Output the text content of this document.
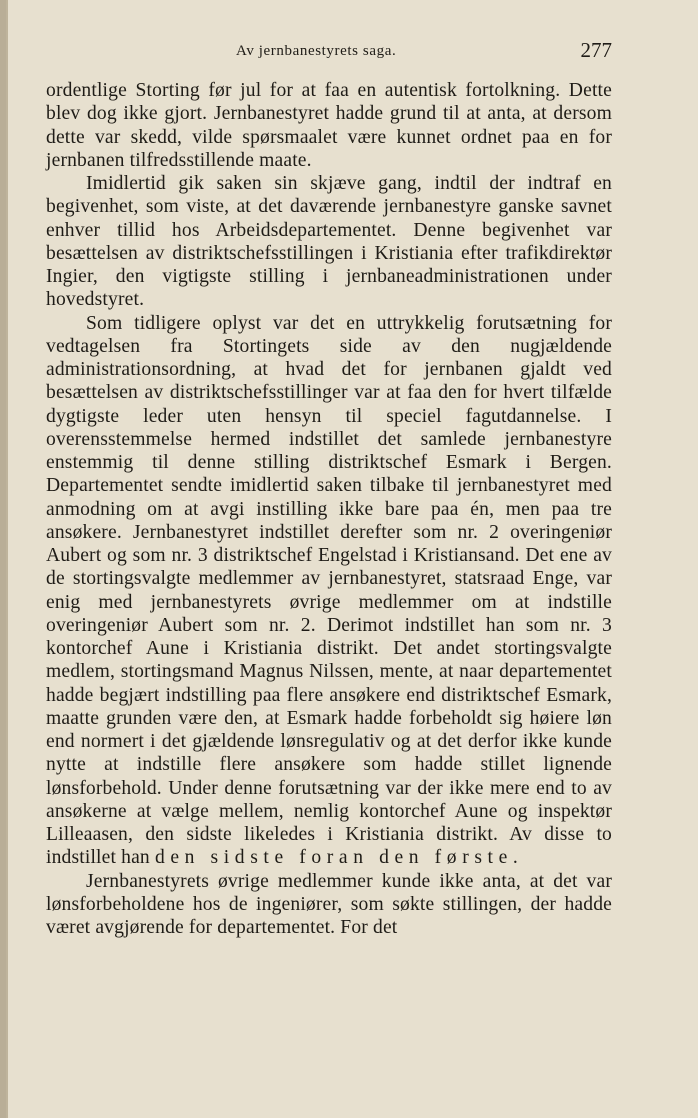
Av jernbanestyrets saga.	277

ordentlige Storting før jul for at faa en autentisk fortolkning. Dette blev dog ikke gjort. Jernbanestyret hadde grund til at anta, at dersom dette var skedd, vilde spørsmaalet være kunnet ordnet paa en for jernbanen tilfredsstillende maate.

Imidlertid gik saken sin skjæve gang, indtil der indtraf en begivenhet, som viste, at det daværende jernbanestyre ganske savnet enhver tillid hos Arbeidsdepartementet. Denne begivenhet var besættelsen av distriktschefsstillingen i Kristiania efter trafikdirektør Ingier, den vigtigste stilling i jernbaneadministrationen under hovedstyret.

Som tidligere oplyst var det en uttrykkelig forutsætning for vedtagelsen fra Stortingets side av den nugjældende administrationsordning, at hvad det for jernbanen gjaldt ved besættelsen av distriktschefsstillinger var at faa den for hvert tilfælde dygtigste leder uten hensyn til speciel fagutdannelse. I overensstemmelse hermed indstillet det samlede jernbanestyre enstemmig til denne stilling distriktschef Esmark i Bergen. Departementet sendte imidlertid saken tilbake til jernbanestyret med anmodning om at avgi instilling ikke bare paa én, men paa tre ansøkere. Jernbanestyret indstillet derefter som nr. 2 overingeniør Aubert og som nr. 3 distriktschef Engelstad i Kristiansand. Det ene av de stortingsvalgte medlemmer av jernbanestyret, statsraad Enge, var enig med jernbanestyrets øvrige medlemmer om at indstille overingeniør Aubert som nr. 2. Derimot indstillet han som nr. 3 kontorchef Aune i Kristiania distrikt. Det andet stortingsvalgte medlem, stortingsmand Magnus Nilssen, mente, at naar departementet hadde begjært indstilling paa flere ansøkere end distriktschef Esmark, maatte grunden være den, at Esmark hadde forbeholdt sig høiere løn end normert i det gjældende lønsregulativ og at det derfor ikke kunde nytte at indstille flere ansøkere som hadde stillet lignende lønsforbehold. Under denne forutsætning var der ikke mere end to av ansøkerne at vælge mellem, nemlig kontorchef Aune og inspektør Lilleaasen, den sidste likeledes i Kristiania distrikt. Av disse to indstillet han den sidste foran den første.

Jernbanestyrets øvrige medlemmer kunde ikke anta, at det var lønsforbeholdene hos de ingeniører, som søkte stillingen, der hadde været avgjørende for departementet. For det
